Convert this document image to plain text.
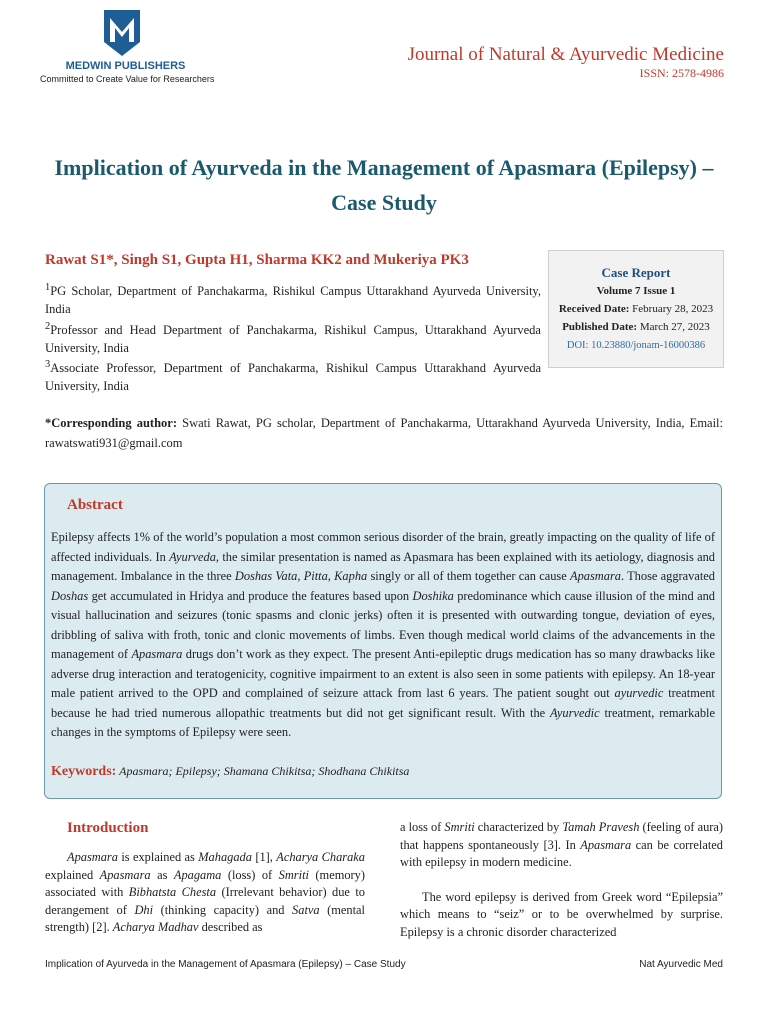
MEDWIN PUBLISHERS
Committed to Create Value for Researchers
Journal of Natural & Ayurvedic Medicine
ISSN: 2578-4986
Implication of Ayurveda in the Management of Apasmara (Epilepsy) –
Case Study
Rawat S1*, Singh S1, Gupta H1, Sharma KK2 and Mukeriya PK3
$^1$PG Scholar, Department of Panchakarma, Rishikul Campus Uttarakhand Ayurveda University, India
$^2$Professor and Head Department of Panchakarma, Rishikul Campus, Uttarakhand Ayurveda University, India
$^3$Associate Professor, Department of Panchakarma, Rishikul Campus Uttarakhand Ayurveda University, India
Case Report
Volume 7 Issue 1
Received Date: February 28, 2023
Published Date: March 27, 2023
DOI: 10.23880/jonam-16000386
*Corresponding author: Swati Rawat, PG scholar, Department of Panchakarma, Uttarakhand Ayurveda University, India, Email: rawatswati931@gmail.com
Abstract
Epilepsy affects 1% of the world’s population a most common serious disorder of the brain, greatly impacting on the quality of life of affected individuals. In Ayurveda, the similar presentation is named as Apasmara has been explained with its aetiology, diagnosis and management. Imbalance in the three Doshas Vata, Pitta, Kapha singly or all of them together can cause Apasmara. Those aggravated Doshas get accumulated in Hridya and produce the features based upon Doshika predominance which cause illusion of the mind and visual hallucination and seizures (tonic spasms and clonic jerks) often it is presented with outwarding tongue, deviation of eyes, dribbling of saliva with froth, tonic and clonic movements of limbs. Even though medical world claims of the advancements in the management of Apasmara drugs don’t work as they expect. The present Anti-epileptic drugs medication has so many drawbacks like adverse drug interaction and teratogenicity, cognitive impairment to an extent is also seen in some patients with epilepsy. An 18-year male patient arrived to the OPD and complained of seizure attack from last 6 years. The patient sought out ayurvedic treatment because he had tried numerous allopathic treatments but did not get significant result. With the Ayurvedic treatment, remarkable changes in the symptoms of Epilepsy were seen.
Keywords: Apasmara; Epilepsy; Shamana Chikitsa; Shodhana Chikitsa
Introduction

Apasmara is explained as Mahagada [1], Acharya Charaka explained Apasmara as Apagama (loss) of Smriti (memory) associated with Bibhatsta Chesta (Irrelevant behavior) due to derangement of Dhi (thinking capacity) and Satva (mental strength) [2]. Acharya Madhav described as

a loss of Smriti characterized by Tamah Pravesh (feeling of aura) that happens spontaneously [3]. In Apasmara can be correlated with epilepsy in modern medicine.

The word epilepsy is derived from Greek word “Epilepsia” which means to “seiz” or to be overwhelmed by surprise. Epilepsy is a chronic disorder characterized

Implication of Ayurveda in the Management of Apasmara (Epilepsy) – Case Study	Nat Ayurvedic Med
